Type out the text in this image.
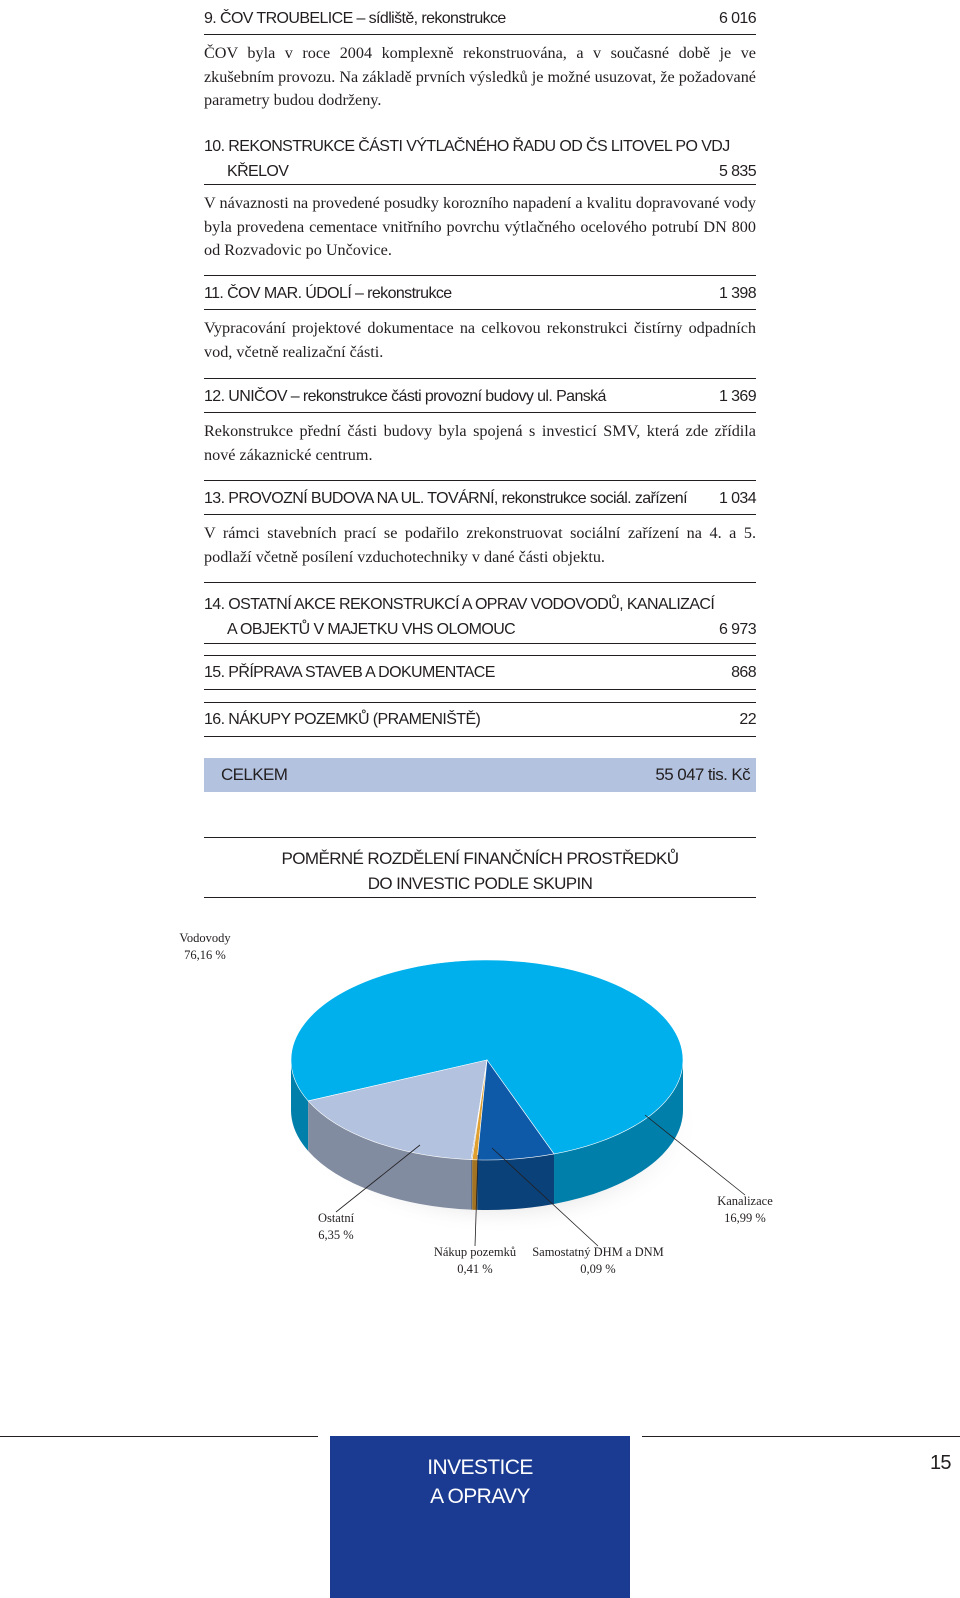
9. ČOV TROUBELICE – sídliště, rekonstrukce	6 016
ČOV byla v roce 2004 komplexně rekonstruována, a v současné době je ve zkušebním provozu. Na základě prvních výsledků je možné usuzovat, že požadované parametry budou dodrženy.
10. REKONSTRUKCE ČÁSTI VÝTLAČNÉHO ŘADU OD ČS LITOVEL PO VDJ
KŘELOV	5 835
V návaznosti na provedené posudky korozního napadení a kvalitu dopravované vody byla provedena cementace vnitřního povrchu výtlačného ocelového potrubí DN 800 od Rozvadovic po Unčovice.
11. ČOV MAR. ÚDOLÍ – rekonstrukce	1 398
Vypracování projektové dokumentace na celkovou rekonstrukci čistírny odpadních vod, včetně realizační části.
12. UNIČOV – rekonstrukce části provozní budovy ul. Panská	1 369
Rekonstrukce přední části budovy byla spojená s investicí SMV, která zde zřídila nové zákaznické centrum.
13. PROVOZNÍ BUDOVA NA UL. TOVÁRNÍ, rekonstrukce sociál. zařízení 1 034
V rámci stavebních prací se podařilo zrekonstruovat sociální zařízení na 4. a 5. podlaží včetně posílení vzduchotechniky v dané části objektu.
14. OSTATNÍ AKCE REKONSTRUKCÍ A OPRAV VODOVODŮ, KANALIZACÍ
A OBJEKTŮ V MAJETKU VHS OLOMOUC	6 973
15. PŘÍPRAVA STAVEB A DOKUMENTACE	868
16. NÁKUPY POZEMKŮ (PRAMENIŠTĚ)	22
CELKEM	55 047 tis. Kč
POMĚRNÉ ROZDĚLENÍ FINANČNÍCH PROSTŘEDKŮ
DO INVESTIC PODLE SKUPIN
Vodovody
76,16 %
Kanalizace
16,99 %
Samostatný DHM a DNM
0,09 %
Nákup pozemků
0,41 %
Ostatní
6,35 %
INVESTICE
A OPRAVY
15
